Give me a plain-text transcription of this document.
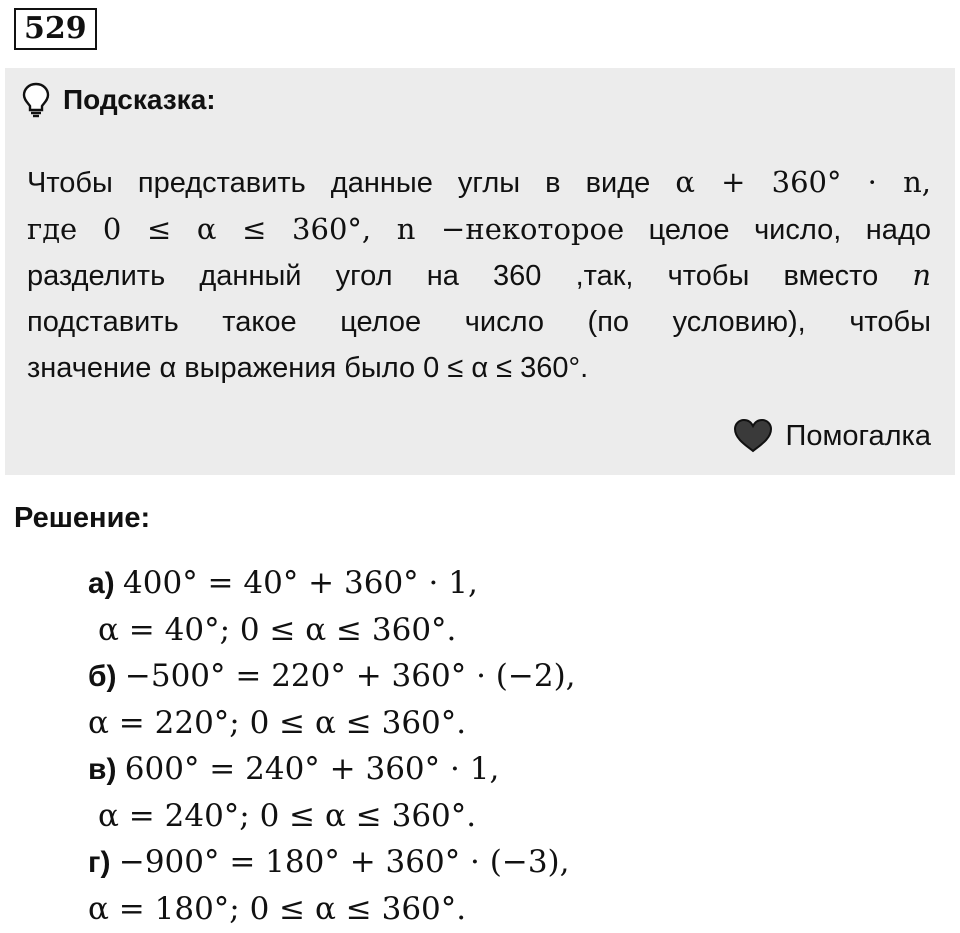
529
Подсказка:
Чтобы представить данные углы в виде α + 360° · n,
где 0 ≤ α ≤ 360°, n −некоторое целое число, надо
разделить данный угол на 360 ,так, чтобы вместо n
подставить такое целое число (по условию), чтобы
значение α выражения было 0 ≤ α ≤ 360°.
Помогалка
Решение:
а) 400° = 40° + 360° · 1,
α = 40°; 0 ≤ α ≤ 360°.
б) −500° = 220° + 360° · (−2),
α = 220°; 0 ≤ α ≤ 360°.
в) 600° = 240° + 360° · 1,
α = 240°; 0 ≤ α ≤ 360°.
г) −900° = 180° + 360° · (−3),
α = 180°; 0 ≤ α ≤ 360°.
